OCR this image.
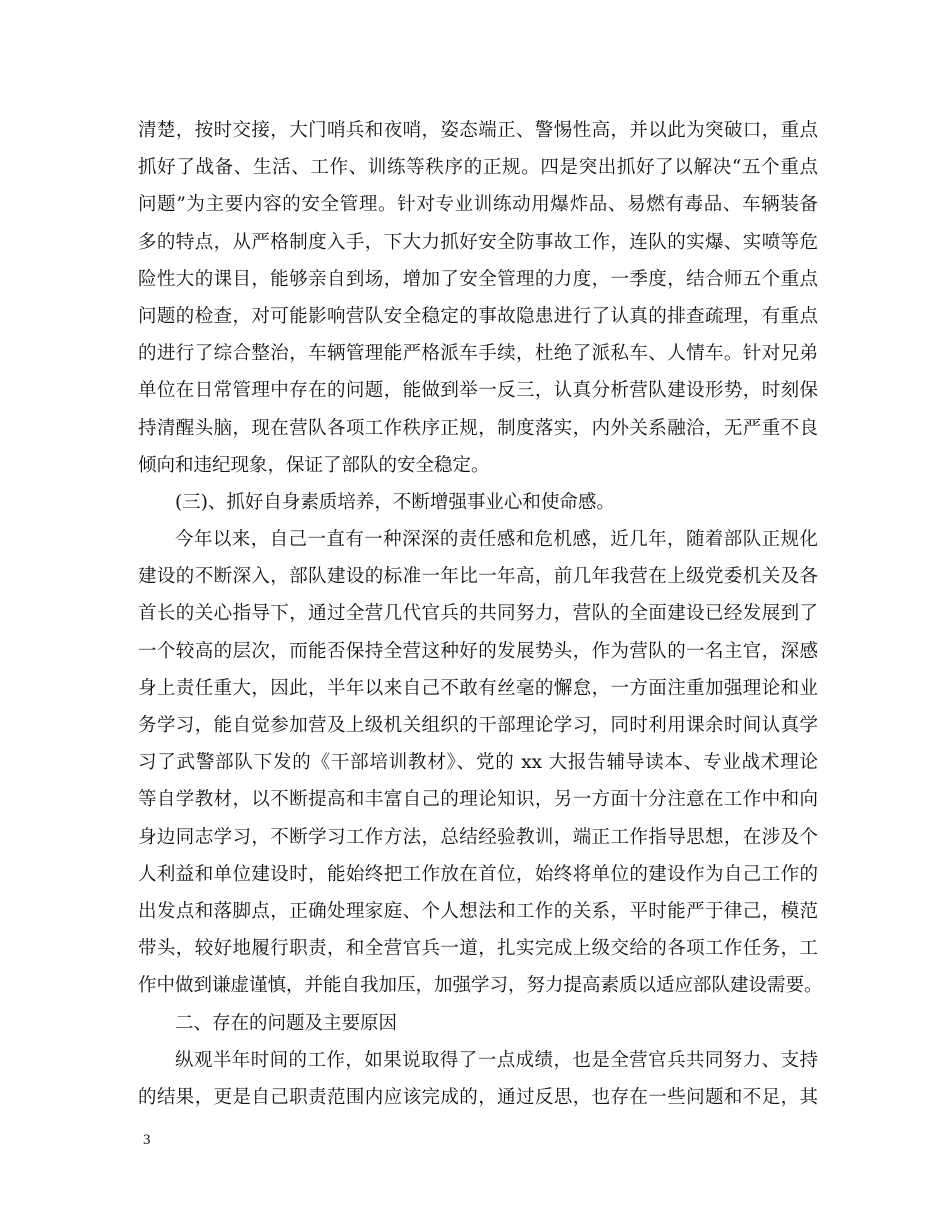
清楚，按时交接，大门哨兵和夜哨，姿态端正、警惕性高，并以此为突破口，重点
抓好了战备、生活、工作、训练等秩序的正规。四是突出抓好了以解决“五个重点
问题”为主要内容的安全管理。针对专业训练动用爆炸品、易燃有毒品、车辆装备
多的特点，从严格制度入手，下大力抓好安全防事故工作，连队的实爆、实喷等危
险性大的课目，能够亲自到场，增加了安全管理的力度，一季度，结合师五个重点
问题的检查，对可能影响营队安全稳定的事故隐患进行了认真的排查疏理，有重点
的进行了综合整治，车辆管理能严格派车手续，杜绝了派私车、人情车。针对兄弟
单位在日常管理中存在的问题，能做到举一反三，认真分析营队建设形势，时刻保
持清醒头脑，现在营队各项工作秩序正规，制度落实，内外关系融洽，无严重不良
倾向和违纪现象，保证了部队的安全稳定。
(三)、抓好自身素质培养，不断增强事业心和使命感。
今年以来，自己一直有一种深深的责任感和危机感，近几年，随着部队正规化
建设的不断深入，部队建设的标准一年比一年高，前几年我营在上级党委机关及各
首长的关心指导下，通过全营几代官兵的共同努力，营队的全面建设已经发展到了
一个较高的层次，而能否保持全营这种好的发展势头，作为营队的一名主官，深感
身上责任重大，因此，半年以来自己不敢有丝毫的懈怠，一方面注重加强理论和业
务学习，能自觉参加营及上级机关组织的干部理论学习，同时利用课余时间认真学
习了武警部队下发的《干部培训教材》、党的 xx 大报告辅导读本、专业战术理论
等自学教材，以不断提高和丰富自己的理论知识，另一方面十分注意在工作中和向
身边同志学习，不断学习工作方法，总结经验教训，端正工作指导思想，在涉及个
人利益和单位建设时，能始终把工作放在首位，始终将单位的建设作为自己工作的
出发点和落脚点，正确处理家庭、个人想法和工作的关系，平时能严于律己，模范
带头，较好地履行职责，和全营官兵一道，扎实完成上级交给的各项工作任务，工
作中做到谦虚谨慎，并能自我加压，加强学习，努力提高素质以适应部队建设需要。
二、存在的问题及主要原因
纵观半年时间的工作，如果说取得了一点成绩，也是全营官兵共同努力、支持
的结果，更是自己职责范围内应该完成的，通过反思，也存在一些问题和不足，其
3
